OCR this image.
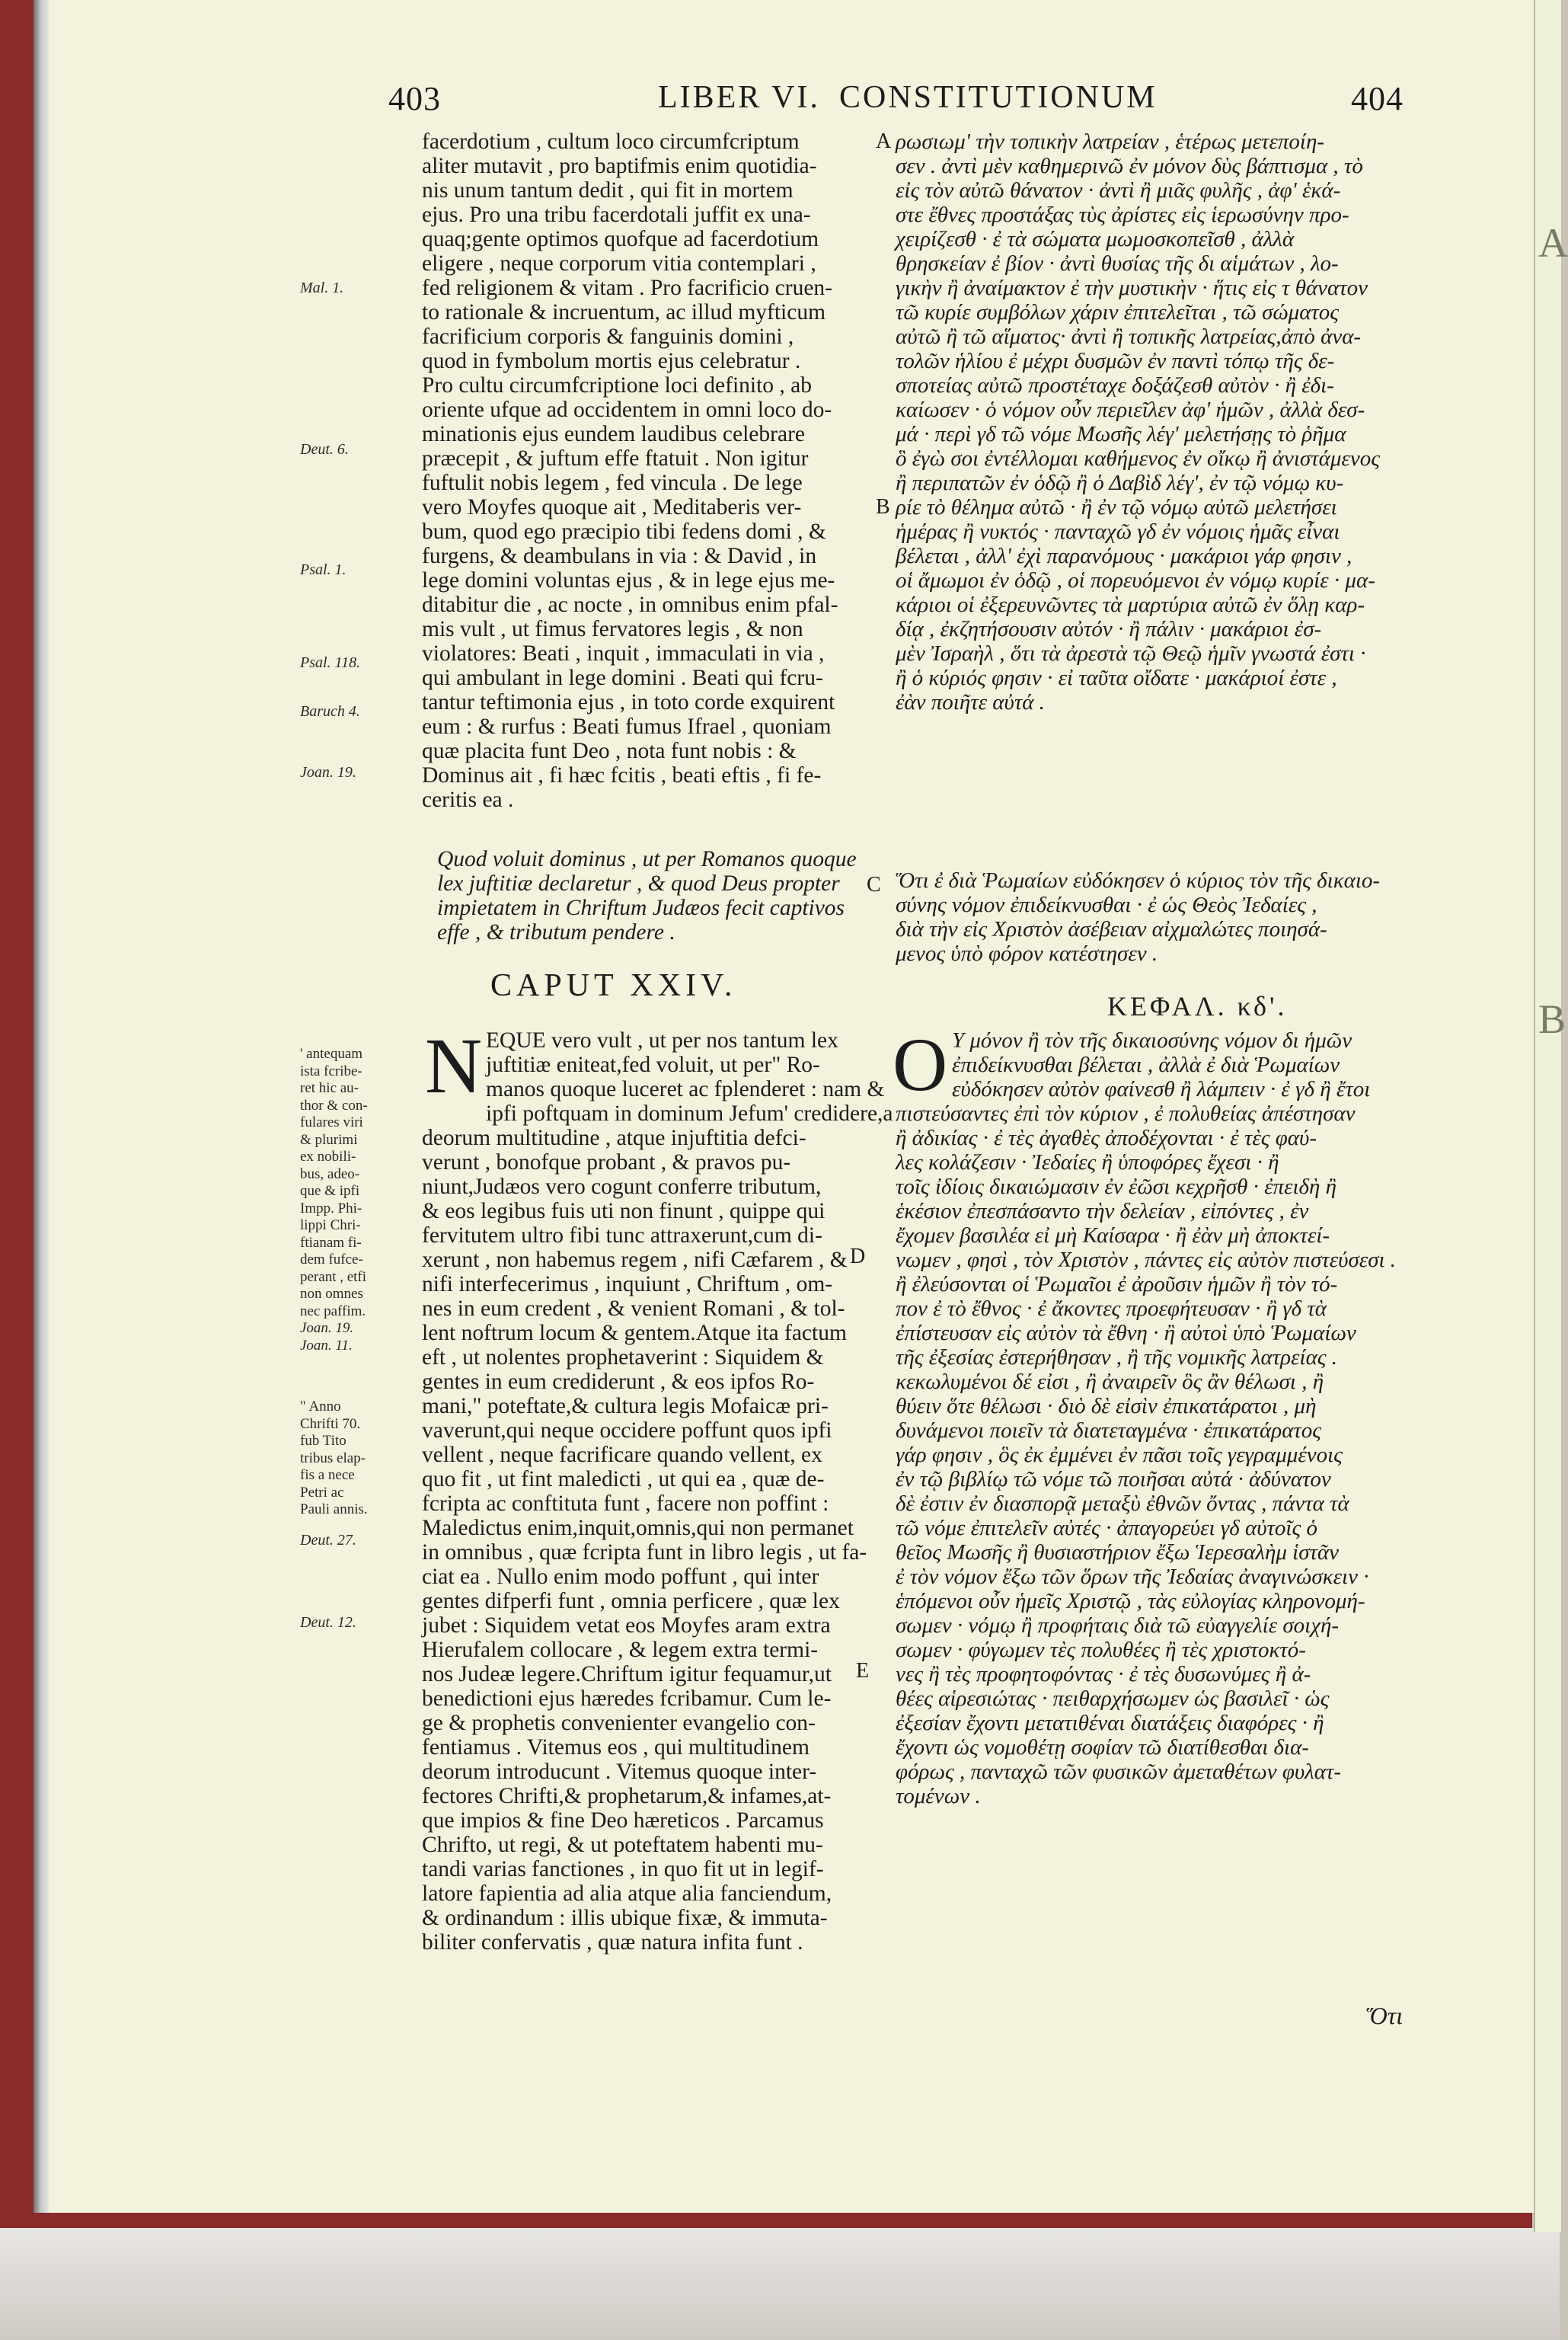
A
B
403	LIBER VI. CONSTITUTIONUM	404
Mal. 1.
Deut. 6.
Psal. 1.
Psal. 118.
Baruch 4.
Joan. 19.
Deut. 27.
Deut. 12.
' antequam
ista fcribe-
ret hic au-
thor & con-
fulares viri
& plurimi
ex nobili-
bus, adeo-
que & ipfi
Impp. Phi-
lippi Chri-
ftianam fi-
dem fufce-
perant , etfi
non omnes
nec paffim.
Joan. 19.
Joan. 11.
" Anno
Chrifti 70.
fub Tito
tribus elap-
fis a nece
Petri ac
Pauli annis.
A
B
C
D
E
facerdotium , cultum loco circumfcriptum
aliter mutavit , pro baptifmis enim quotidia-
nis unum tantum dedit , qui fit in mortem
ejus. Pro una tribu facerdotali juffit ex una-
quaq;gente optimos quofque ad facerdotium
eligere , neque corporum vitia contemplari ,
fed religionem & vitam . Pro facrificio cruen-
to rationale & incruentum, ac illud myfticum
facrificium corporis & fanguinis domini ,
quod in fymbolum mortis ejus celebratur .
Pro cultu circumfcriptione loci definito , ab
oriente ufque ad occidentem in omni loco do-
minationis ejus eundem laudibus celebrare
præcepit , & juftum effe ftatuit . Non igitur
fuftulit nobis legem , fed vincula . De lege
vero Moyfes quoque ait , Meditaberis ver-
bum, quod ego præcipio tibi fedens domi , &
furgens, & deambulans in via : & David , in
lege domini voluntas ejus , & in lege ejus me-
ditabitur die , ac nocte , in omnibus enim pfal-
mis vult , ut fimus fervatores legis , & non
violatores: Beati , inquit , immaculati in via ,
qui ambulant in lege domini . Beati qui fcru-
tantur teftimonia ejus , in toto corde exquirent
eum : & rurfus : Beati fumus Ifrael , quoniam
quæ placita funt Deo , nota funt nobis : &
Dominus ait , fi hæc fcitis , beati eftis , fi fe-
ceritis ea .
Quod voluit dominus , ut per Romanos quoque
lex juftitiæ declaretur , & quod Deus propter
impietatem in Chriftum Judæos fecit captivos
effe , & tributum pendere .
CAPUT XXIV.
N EQUE vero vult , ut per nos tantum lex
juftitiæ eniteat,fed voluit, ut per" Ro-
manos quoque luceret ac fplenderet : nam &
ipfi poftquam in dominum Jefum' credidere,a
deorum multitudine , atque injuftitia defci-
verunt , bonofque probant , & pravos pu-
niunt,Judæos vero cogunt conferre tributum,
& eos legibus fuis uti non finunt , quippe qui
fervitutem ultro fibi tunc attraxerunt,cum di-
xerunt , non habemus regem , nifi Cæfarem , &
nifi interfecerimus , inquiunt , Chriftum , om-
nes in eum credent , & venient Romani , & tol-
lent noftrum locum & gentem.Atque ita factum
eft , ut nolentes prophetaverint : Siquidem &
gentes in eum crediderunt , & eos ipfos Ro-
mani," poteftate,& cultura legis Mofaicæ pri-
vaverunt,qui neque occidere poffunt quos ipfi
vellent , neque facrificare quando vellent, ex
quo fit , ut fint maledicti , ut qui ea , quæ de-
fcripta ac conftituta funt , facere non poffint :
Maledictus enim,inquit,omnis,qui non permanet
in omnibus , quæ fcripta funt in libro legis , ut fa-
ciat ea . Nullo enim modo poffunt , qui inter
gentes difperfi funt , omnia perficere , quæ lex
jubet : Siquidem vetat eos Moyfes aram extra
Hierufalem collocare , & legem extra termi-
nos Judeæ legere.Chriftum igitur fequamur,ut
benedictioni ejus hæredes fcribamur. Cum le-
ge & prophetis convenienter evangelio con-
fentiamus . Vitemus eos , qui multitudinem
deorum introducunt . Vitemus quoque inter-
fectores Chrifti,& prophetarum,& infames,at-
que impios & fine Deo hæreticos . Parcamus
Chrifto, ut regi, & ut poteftatem habenti mu-
tandi varias fanctiones , in quo fit ut in legif-
latore fapientia ad alia atque alia fanciendum,
& ordinandum : illis ubique fixæ, & immuta-
biliter confervatis , quæ natura infita funt .
ρωσιωμ' τὴν τοπικὴν λατρείαν , ἑτέρως μετεποίη-
σεν . ἀντὶ μὲν καθημερινῶ ἐν μόνον δὺς βάπτισμα , τὸ
εἰς τὸν αὐτῶ θάνατον · ἀντὶ ἢ μιᾶς φυλῆς , ἀφ' ἑκά-
στε ἔθνες προστάξας τὺς ἀρίστες εἰς ἱερωσύνην προ-
χειρίζεσθ · ἐ τὰ σώματα μωμοσκοπεῖσθ , ἀλλὰ
θρησκείαν ἐ βίον · ἀντὶ θυσίας τῆς δι αἱμάτων , λο-
γικὴν ἢ ἀναίμακτον ἐ τὴν μυστικὴν · ἥτις εἰς τ θάνατον
τῶ κυρίε συμβόλων χάριν ἐπιτελεῖται , τῶ σώματος
αὐτῶ ἢ τῶ αἵματος· ἀντὶ ἢ τοπικῆς λατρείας,ἀπὸ ἀνα-
τολῶν ἡλίου ἐ μέχρι δυσμῶν ἐν παντὶ τόπῳ τῆς δε-
σποτείας αὐτῶ προστέταχε δοξάζεσθ αὐτὸν · ἢ ἐδι-
καίωσεν · ὁ νόμον οὖν περιεῖλεν ἀφ' ἡμῶν , ἀλλὰ δεσ-
μά · περὶ γδ τῶ νόμε Μωσῆς λέγ' μελετήσῃς τὸ ῥῆμα
ὃ ἐγὼ σοι ἐντέλλομαι καθήμενος ἐν οἴκῳ ἢ ἀνιστάμενος
ἢ περιπατῶν ἐν ὁδῷ ἢ ὁ Δαβὶδ λέγ', ἐν τῷ νόμῳ κυ-
ρίε τὸ θέλημα αὐτῶ · ἢ ἐν τῷ νόμῳ αὐτῶ μελετήσει
ἡμέρας ἢ νυκτός · πανταχῶ γδ ἐν νόμοις ἡμᾶς εἶναι
βέλεται , ἀλλ' ἐχὶ παρανόμους · μακάριοι γάρ φησιν ,
οἱ ἄμωμοι ἐν ὁδῷ , οἱ πορευόμενοι ἐν νόμῳ κυρίε · μα-
κάριοι οἱ ἐξερευνῶντες τὰ μαρτύρια αὐτῶ ἐν ὅλῃ καρ-
δίᾳ , ἐκζητήσουσιν αὐτόν · ἢ πάλιν · μακάριοι ἐσ-
μὲν Ἰσραὴλ , ὅτι τὰ ἀρεστὰ τῷ Θεῷ ἡμῖν γνωστά ἐστι ·
ἢ ὁ κύριός φησιν · εἰ ταῦτα οἴδατε · μακάριοί ἐστε ,
ἐὰν ποιῆτε αὐτά .
Ὅτι ἐ διὰ Ῥωμαίων εὐδόκησεν ὁ κύριος τὸν τῆς δικαιο-
σύνης νόμον ἐπιδείκνυσθαι · ἐ ὡς Θεὸς Ἰεδαίες ,
διὰ τὴν εἰς Χριστὸν ἀσέβειαν αἰχμαλώτες ποιησά-
μενος ὑπὸ φόρον κατέστησεν .
ΚΕΦΑΛ. κδ'.
Ο Υ μόνον ἢ τὸν τῆς δικαιοσύνης νόμον δι ἡμῶν
ἐπιδείκνυσθαι βέλεται , ἀλλὰ ἐ διὰ Ῥωμαίων
εὐδόκησεν αὐτὸν φαίνεσθ ἢ λάμπειν · ἐ γδ ἢ ἔτοι
πιστεύσαντες ἐπὶ τὸν κύριον , ἐ πολυθείας ἀπέστησαν
ἢ ἀδικίας · ἐ τὲς ἀγαθὲς ἀποδέχονται · ἐ τὲς φαύ-
λες κολάζεσιν · Ἰεδαίες ἢ ὑποφόρες ἔχεσι · ἢ
τοῖς ἰδίοις δικαιώμασιν ἐν ἐῶσι κεχρῆσθ · ἐπειδὴ ἢ
ἑκέσιον ἐπεσπάσαντο τὴν δελείαν , εἰπόντες , ἐν
ἔχομεν βασιλέα εἰ μὴ Καίσαρα · ἢ ἐὰν μὴ ἀποκτεί-
νωμεν , φησὶ , τὸν Χριστὸν , πάντες εἰς αὐτὸν πιστεύσεσι .
ἢ ἐλεύσονται οἱ Ῥωμαῖοι ἐ ἀροῦσιν ἡμῶν ἢ τὸν τό-
πον ἐ τὸ ἔθνος · ἐ ἄκοντες προεφήτευσαν · ἢ γδ τὰ
ἐπίστευσαν εἰς αὐτὸν τὰ ἔθνη · ἢ αὐτοὶ ὑπὸ Ῥωμαίων
τῆς ἐξεσίας ἐστερήθησαν , ἢ τῆς νομικῆς λατρείας .
κεκωλυμένοι δέ εἰσι , ἢ ἀναιρεῖν ὃς ἂν θέλωσι , ἢ
θύειν ὅτε θέλωσι · διὸ δὲ εἰσὶν ἐπικατάρατοι , μὴ
δυνάμενοι ποιεῖν τὰ διατεταγμένα · ἐπικατάρατος
γάρ φησιν , ὃς ἐκ ἐμμένει ἐν πᾶσι τοῖς γεγραμμένοις
ἐν τῷ βιβλίῳ τῶ νόμε τῶ ποιῆσαι αὐτά · ἀδύνατον
δὲ ἐστιν ἐν διασπορᾷ μεταξὺ ἐθνῶν ὄντας , πάντα τὰ
τῶ νόμε ἐπιτελεῖν αὐτές · ἀπαγορεύει γδ αὐτοῖς ὁ
θεῖος Μωσῆς ἢ θυσιαστήριον ἔξω Ἱερεσαλὴμ ἱστᾶν
ἐ τὸν νόμον ἔξω τῶν ὅρων τῆς Ἰεδαίας ἀναγινώσκειν ·
ἑπόμενοι οὖν ἡμεῖς Χριστῷ , τὰς εὐλογίας κληρονομή-
σωμεν · νόμῳ ἢ προφήταις διὰ τῶ εὐαγγελίε σοιχή-
σωμεν · φύγωμεν τὲς πολυθέες ἢ τὲς χριστοκτό-
νες ἢ τὲς προφητοφόντας · ἐ τὲς δυσωνύμες ἢ ἀ-
θέες αἱρεσιώτας · πειθαρχήσωμεν ὡς βασιλεῖ · ὡς
ἐξεσίαν ἔχοντι μετατιθέναι διατάξεις διαφόρες · ἢ
ἔχοντι ὡς νομοθέτῃ σοφίαν τῶ διατίθεσθαι δια-
φόρως , πανταχῶ τῶν φυσικῶν ἀμεταθέτων φυλατ-
τομένων .
Ὅτι
